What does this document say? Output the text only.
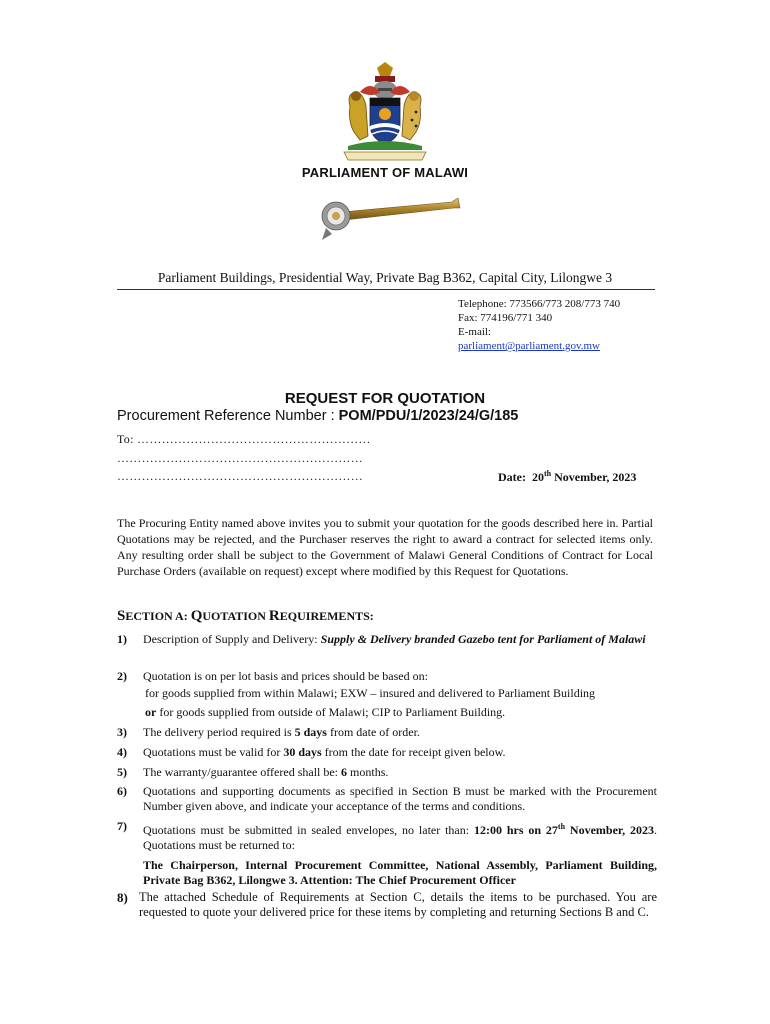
PARLIAMENT OF MALAWI
Parliament Buildings, Presidential Way, Private Bag B362, Capital City, Lilongwe 3
Telephone: 773566/773 208/773 740
Fax: 774196/771 340
E-mail:
parliament@parliament.gov.mw
REQUEST FOR QUOTATION
Procurement Reference Number : POM/PDU/1/2023/24/G/185
To: …………………………………………………
……………………………………………………
……………………………………………………	Date: 20th November, 2023
The Procuring Entity named above invites you to submit your quotation for the goods described here in. Partial Quotations may be rejected, and the Purchaser reserves the right to award a contract for selected items only. Any resulting order shall be subject to the Government of Malawi General Conditions of Contract for Local Purchase Orders (available on request) except where modified by this Request for Quotations.
SECTION A: QUOTATION REQUIREMENTS:
1) Description of Supply and Delivery: Supply & Delivery branded Gazebo tent for Parliament of Malawi
2) Quotation is on per lot basis and prices should be based on:
for goods supplied from within Malawi; EXW – insured and delivered to Parliament Building
or for goods supplied from outside of Malawi; CIP to Parliament Building.
3) The delivery period required is 5 days from date of order.
4) Quotations must be valid for 30 days from the date for receipt given below.
5) The warranty/guarantee offered shall be: 6 months.
6) Quotations and supporting documents as specified in Section B must be marked with the Procurement Number given above, and indicate your acceptance of the terms and conditions.
7) Quotations must be submitted in sealed envelopes, no later than: 12:00 hrs on 27th November, 2023. Quotations must be returned to:
The Chairperson, Internal Procurement Committee, National Assembly, Parliament Building, Private Bag B362, Lilongwe 3. Attention: The Chief Procurement Officer
8) The attached Schedule of Requirements at Section C, details the items to be purchased. You are requested to quote your delivered price for these items by completing and returning Sections B and C.
